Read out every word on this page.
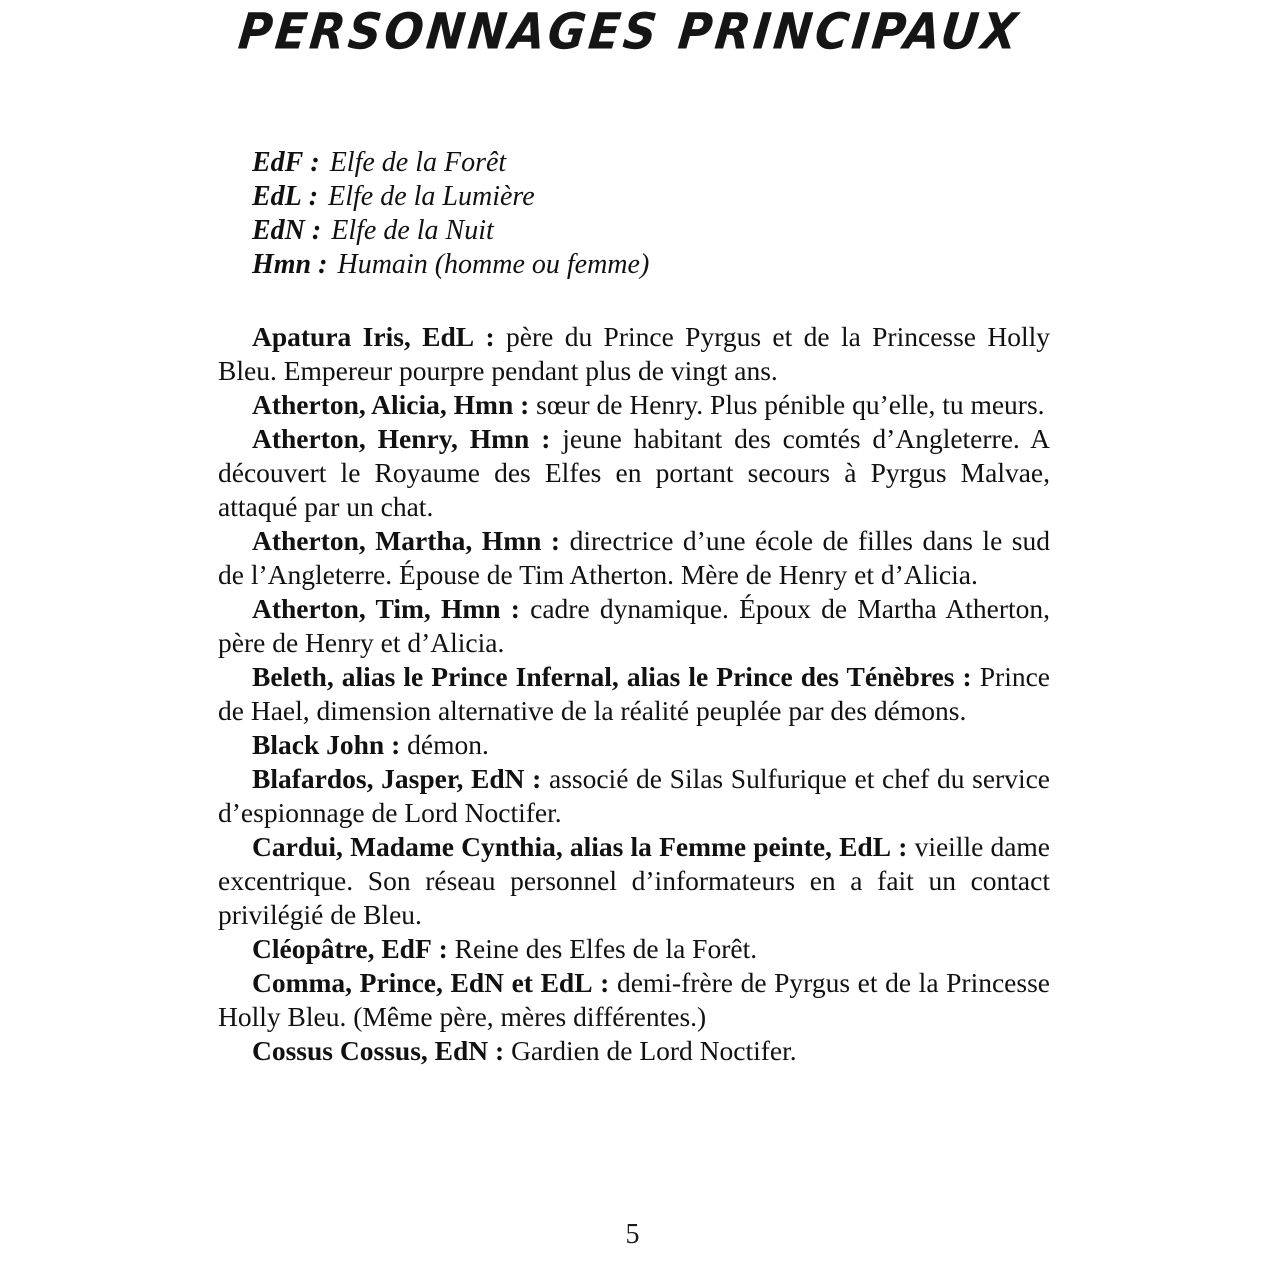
PERSONNAGES PRINCIPAUX
EdF : Elfe de la Forêt
EdL : Elfe de la Lumière
EdN : Elfe de la Nuit
Hmn : Humain (homme ou femme)

Apatura Iris, EdL : père du Prince Pyrgus et de la Princesse Holly Bleu. Empereur pourpre pendant plus de vingt ans.

Atherton, Alicia, Hmn : sœur de Henry. Plus pénible qu’elle, tu meurs.

Atherton, Henry, Hmn : jeune habitant des comtés d’Angleterre. A découvert le Royaume des Elfes en portant secours à Pyrgus Malvae, attaqué par un chat.

Atherton, Martha, Hmn : directrice d’une école de filles dans le sud de l’Angleterre. Épouse de Tim Atherton. Mère de Henry et d’Alicia.

Atherton, Tim, Hmn : cadre dynamique. Époux de Martha Atherton, père de Henry et d’Alicia.

Beleth, alias le Prince Infernal, alias le Prince des Ténèbres : Prince de Hael, dimension alternative de la réalité peuplée par des démons.

Black John : démon.

Blafardos, Jasper, EdN : associé de Silas Sulfurique et chef du service d’espionnage de Lord Noctifer.

Cardui, Madame Cynthia, alias la Femme peinte, EdL : vieille dame excentrique. Son réseau personnel d’informateurs en a fait un contact privilégié de Bleu.

Cléopâtre, EdF : Reine des Elfes de la Forêt.

Comma, Prince, EdN et EdL : demi-frère de Pyrgus et de la Princesse Holly Bleu. (Même père, mères différentes.)

Cossus Cossus, EdN : Gardien de Lord Noctifer.

5
